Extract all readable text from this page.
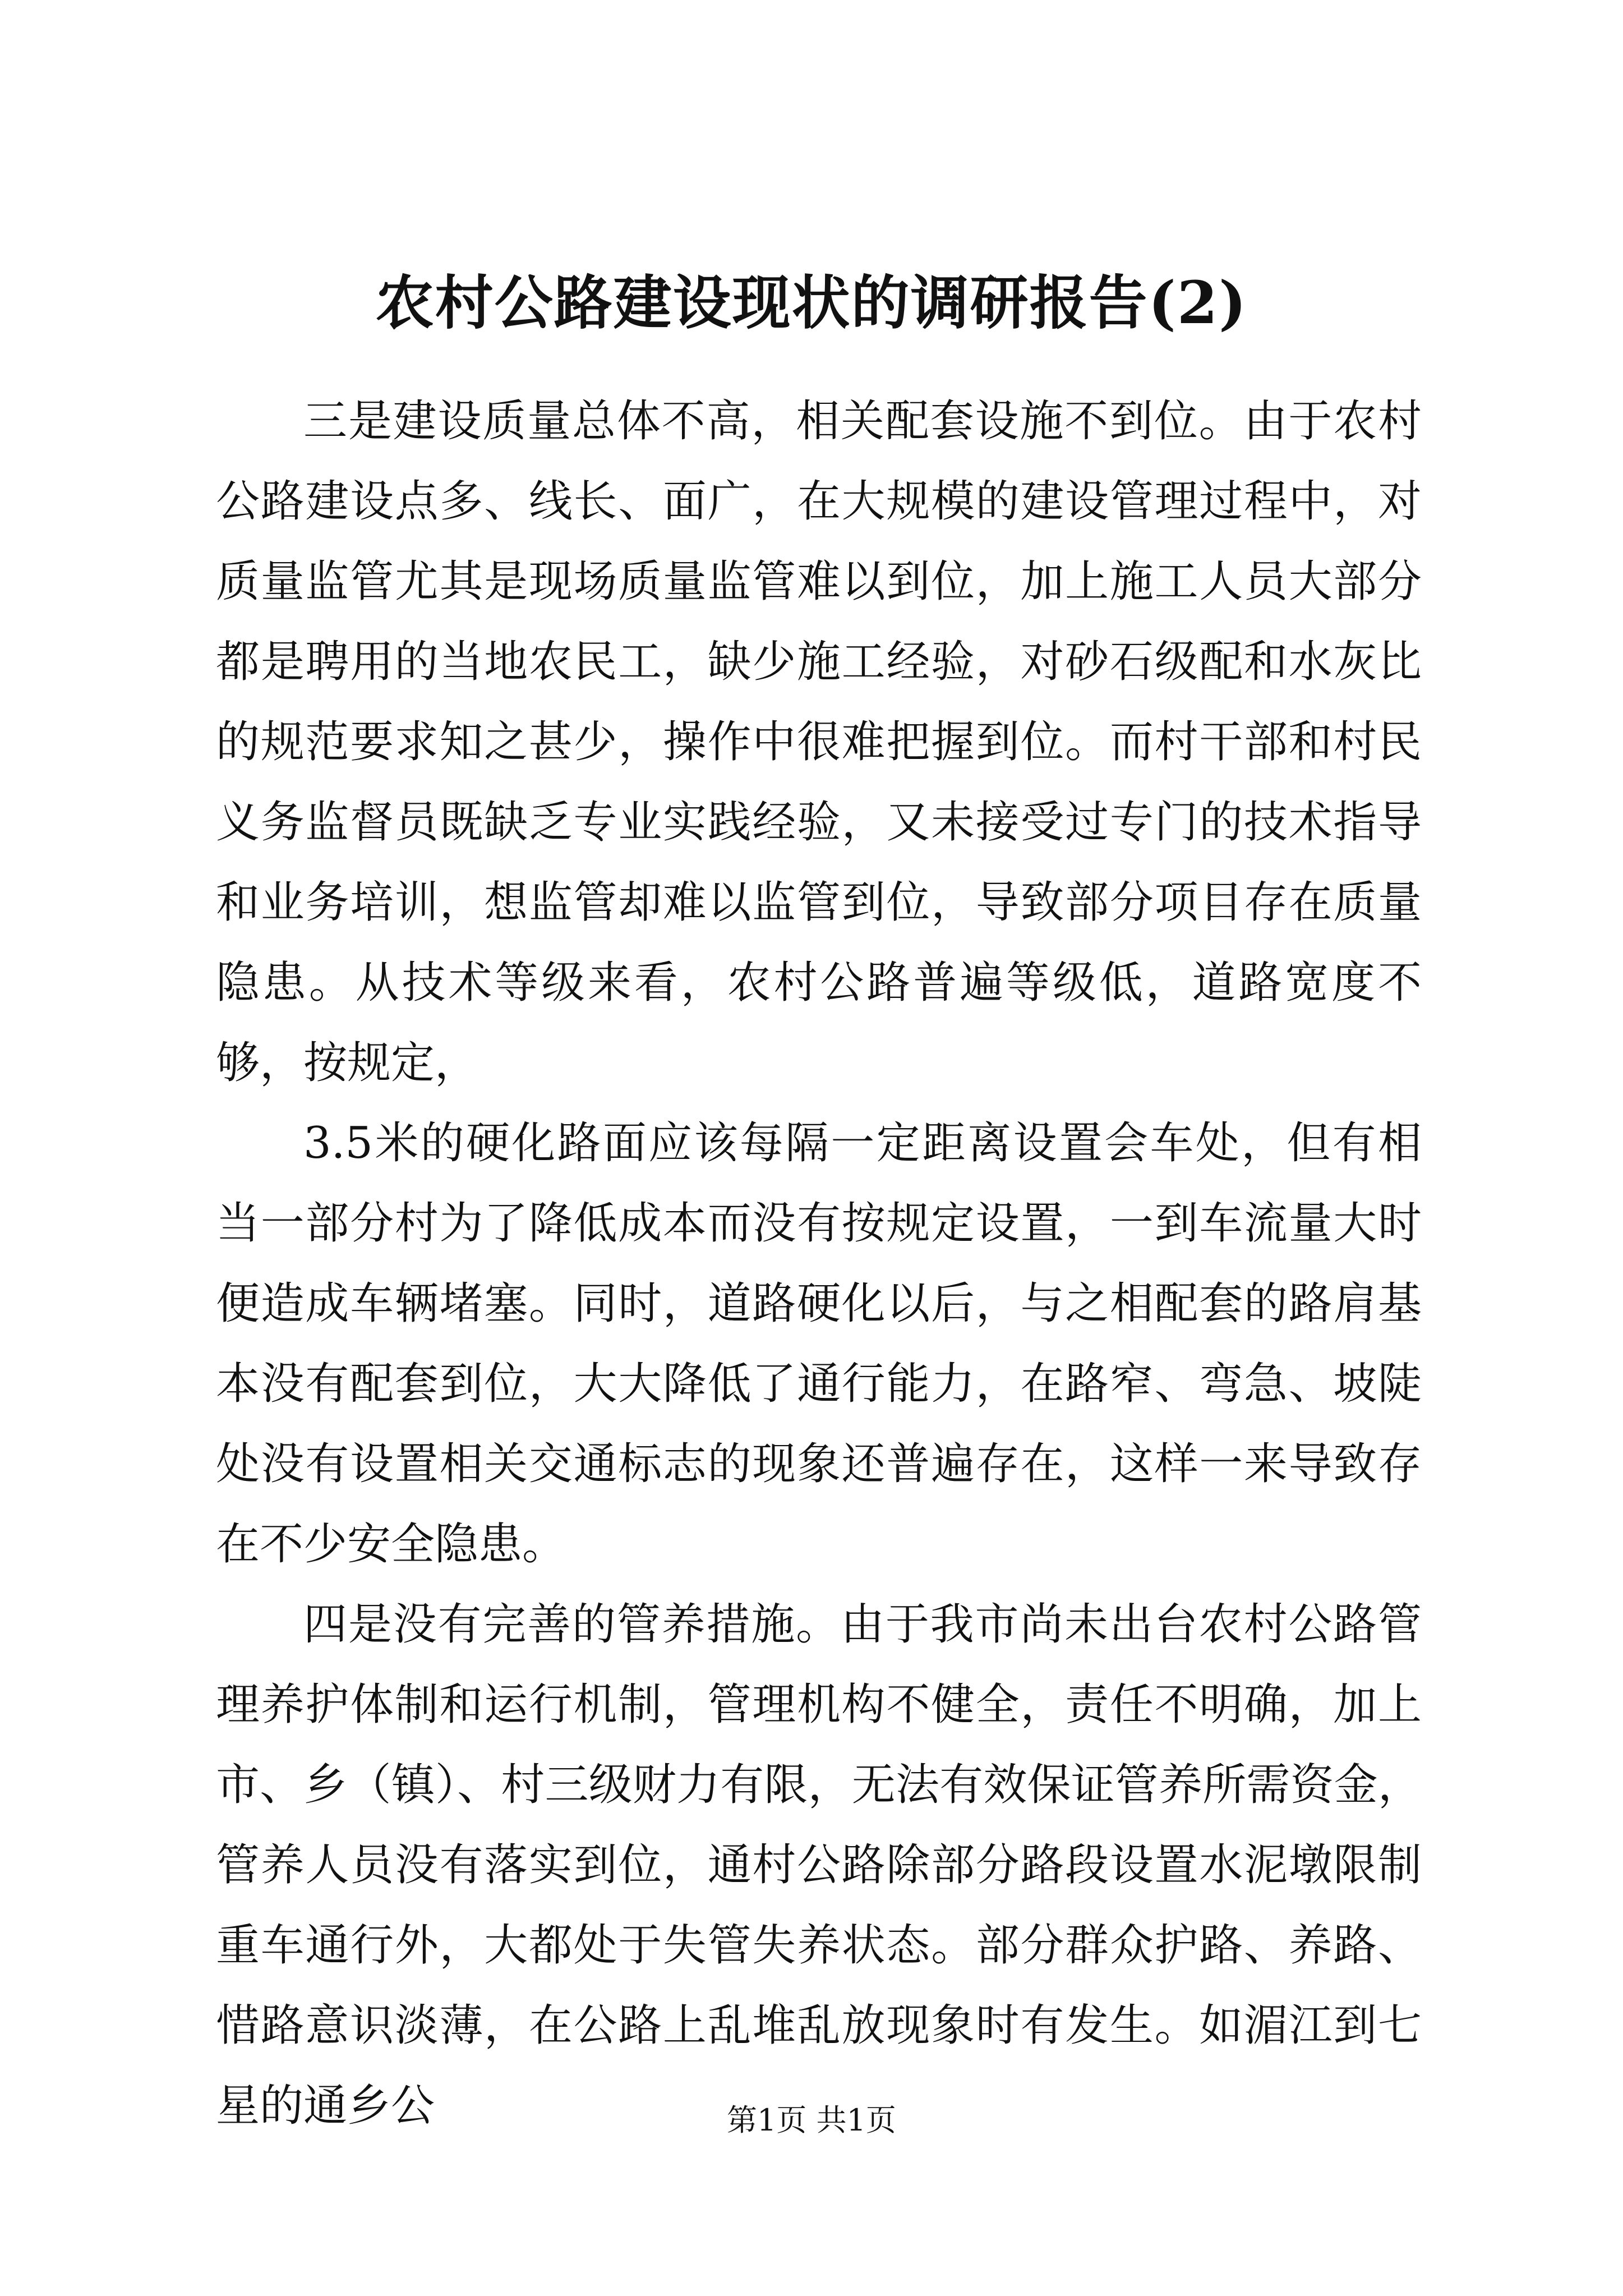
农村公路建设现状的调研报告(2)

三是建设质量总体不高，相关配套设施不到位。由于农村公路建设点多、线长、面广，在大规模的建设管理过程中，对质量监管尤其是现场质量监管难以到位，加上施工人员大部分都是聘用的当地农民工，缺少施工经验，对砂石级配和水灰比的规范要求知之甚少，操作中很难把握到位。而村干部和村民义务监督员既缺乏专业实践经验，又未接受过专门的技术指导和业务培训，想监管却难以监管到位，导致部分项目存在质量隐患。从技术等级来看，农村公路普遍等级低，道路宽度不够，按规定，

3.5米的硬化路面应该每隔一定距离设置会车处，但有相当一部分村为了降低成本而没有按规定设置，一到车流量大时便造成车辆堵塞。同时，道路硬化以后，与之相配套的路肩基本没有配套到位，大大降低了通行能力，在路窄、弯急、坡陡处没有设置相关交通标志的现象还普遍存在，这样一来导致存在不少安全隐患。

四是没有完善的管养措施。由于我市尚未出台农村公路管理养护体制和运行机制，管理机构不健全，责任不明确，加上市、乡（镇）、村三级财力有限，无法有效保证管养所需资金，管养人员没有落实到位，通村公路除部分路段设置水泥墩限制重车通行外，大都处于失管失养状态。部分群众护路、养路、惜路意识淡薄，在公路上乱堆乱放现象时有发生。如湄江到七星的通乡公	第1页 共1页
